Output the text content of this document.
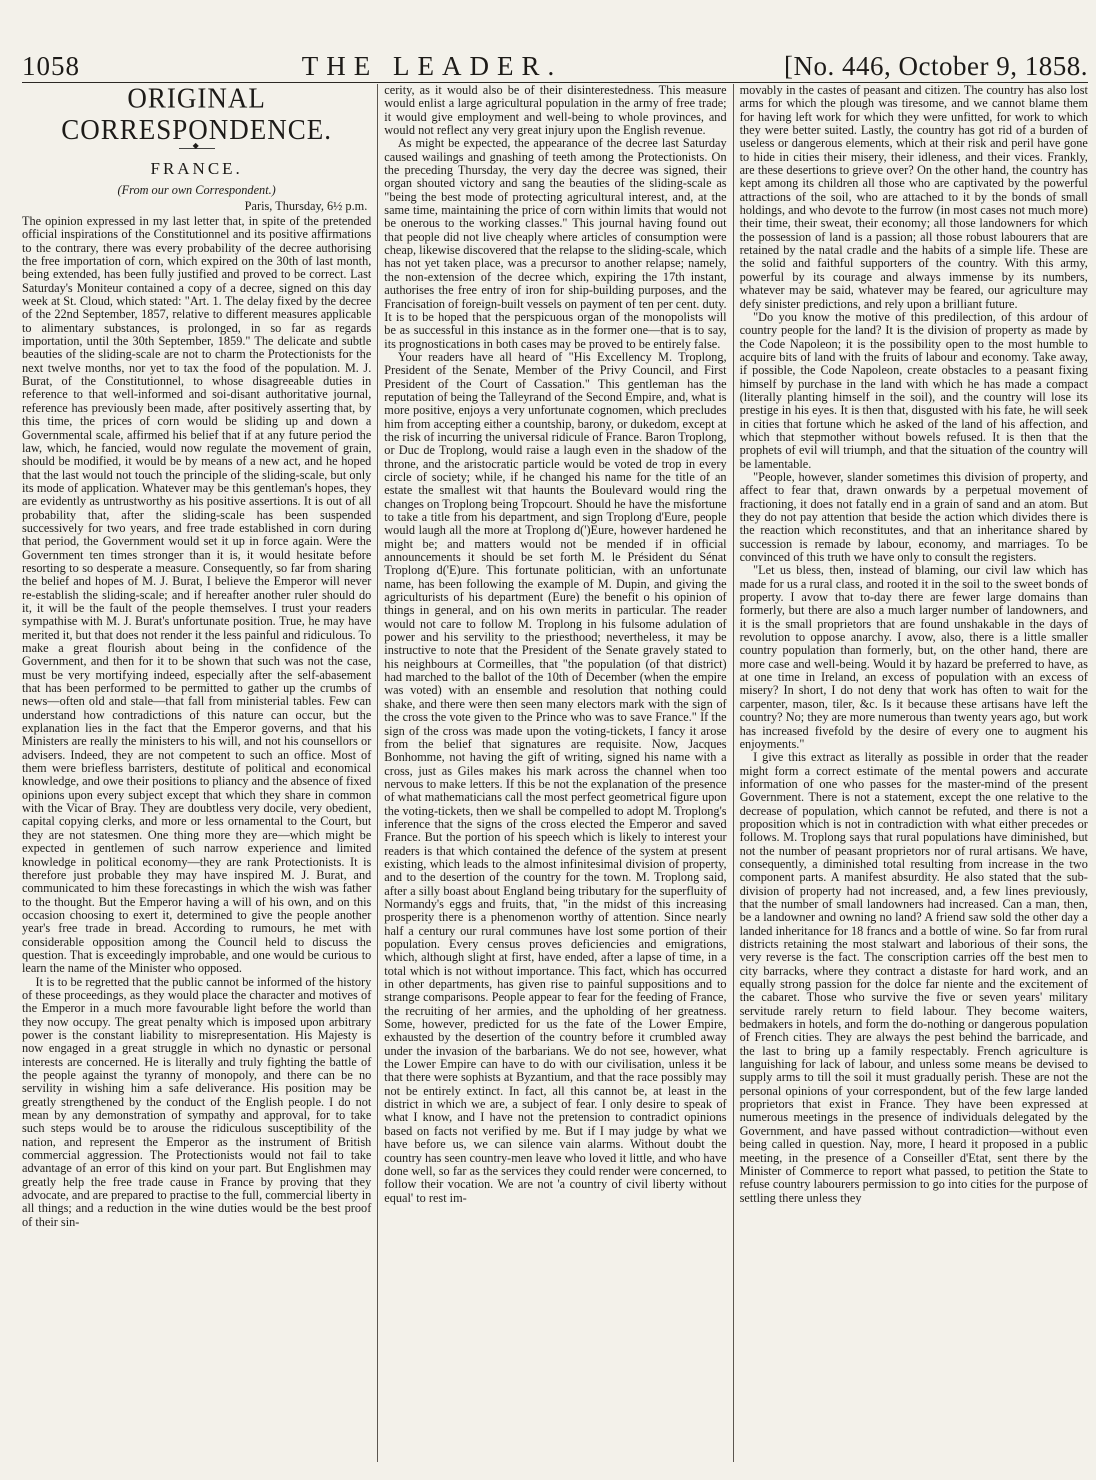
1058	THE LEADER.	[No. 446, October 9, 1858.
ORIGINAL CORRESPONDENCE.
◆
FRANCE.
(From our own Correspondent.)
Paris, Thursday, 6½ p.m.

The opinion expressed in my last letter that, in spite of the pretended official inspirations of the Constitutionnel and its positive affirmations to the contrary, there was every probability of the decree authorising the free importation of corn, which expired on the 30th of last month, being extended, has been fully justified and proved to be correct. Last Saturday's Moniteur contained a copy of a decree, signed on this day week at St. Cloud, which stated: "Art. 1. The delay fixed by the decree of the 22nd September, 1857, relative to different measures applicable to alimentary substances, is prolonged, in so far as regards importation, until the 30th September, 1859." The delicate and subtle beauties of the sliding-scale are not to charm the Protectionists for the next twelve months, nor yet to tax the food of the population. M. J. Burat, of the Constitutionnel, to whose disagreeable duties in reference to that well-informed and soi-disant authoritative journal, reference has previously been made, after positively asserting that, by this time, the prices of corn would be sliding up and down a Governmental scale, affirmed his belief that if at any future period the law, which, he fancied, would now regulate the movement of grain, should be modified, it would be by means of a new act, and he hoped that the last would not touch the principle of the sliding-scale, but only its mode of application. Whatever may be this gentleman's hopes, they are evidently as untrustworthy as his positive assertions. It is out of all probability that, after the sliding-scale has been suspended successively for two years, and free trade established in corn during that period, the Government would set it up in force again. Were the Government ten times stronger than it is, it would hesitate before resorting to so desperate a measure. Consequently, so far from sharing the belief and hopes of M. J. Burat, I believe the Emperor will never re-establish the sliding-scale; and if hereafter another ruler should do it, it will be the fault of the people themselves. I trust your readers sympathise with M. J. Burat's unfortunate position. True, he may have merited it, but that does not render it the less painful and ridiculous. To make a great flourish about being in the confidence of the Government, and then for it to be shown that such was not the case, must be very mortifying indeed, especially after the self-abasement that has been performed to be permitted to gather up the crumbs of news—often old and stale—that fall from ministerial tables. Few can understand how contradictions of this nature can occur, but the explanation lies in the fact that the Emperor governs, and that his Ministers are really the ministers to his will, and not his counsellors or advisers. Indeed, they are not competent to such an office. Most of them were briefless barristers, destitute of political and economical knowledge, and owe their positions to pliancy and the absence of fixed opinions upon every subject except that which they share in common with the Vicar of Bray. They are doubtless very docile, very obedient, capital copying clerks, and more or less ornamental to the Court, but they are not statesmen. One thing more they are—which might be expected in gentlemen of such narrow experience and limited knowledge in political economy—they are rank Protectionists. It is therefore just probable they may have inspired M. J. Burat, and communicated to him these forecastings in which the wish was father to the thought. But the Emperor having a will of his own, and on this occasion choosing to exert it, determined to give the people another year's free trade in bread. According to rumours, he met with considerable opposition among the Council held to discuss the question. That is exceedingly improbable, and one would be curious to learn the name of the Minister who opposed.

It is to be regretted that the public cannot be informed of the history of these proceedings, as they would place the character and motives of the Emperor in a much more favourable light before the world than they now occupy. The great penalty which is imposed upon arbitrary power is the constant liability to misrepresentation. His Majesty is now engaged in a great struggle in which no dynastic or personal interests are concerned. He is literally and truly fighting the battle of the people against the tyranny of monopoly, and there can be no servility in wishing him a safe deliverance. His position may be greatly strengthened by the conduct of the English people. I do not mean by any demonstration of sympathy and approval, for to take such steps would be to arouse the ridiculous susceptibility of the nation, and represent the Emperor as the instrument of British commercial aggression. The Protectionists would not fail to take advantage of an error of this kind on your part. But Englishmen may greatly help the free trade cause in France by proving that they advocate, and are prepared to practise to the full, commercial liberty in all things; and a reduction in the wine duties would be the best proof of their sin-

cerity, as it would also be of their disinterestedness. This measure would enlist a large agricultural population in the army of free trade; it would give employment and well-being to whole provinces, and would not reflect any very great injury upon the English revenue.

As might be expected, the appearance of the decree last Saturday caused wailings and gnashing of teeth among the Protectionists. On the preceding Thursday, the very day the decree was signed, their organ shouted victory and sang the beauties of the sliding-scale as "being the best mode of protecting agricultural interest, and, at the same time, maintaining the price of corn within limits that would not be onerous to the working classes." This journal having found out that people did not live cheaply where articles of consumption were cheap, likewise discovered that the relapse to the sliding-scale, which has not yet taken place, was a precursor to another relapse; namely, the non-extension of the decree which, expiring the 17th instant, authorises the free entry of iron for ship-building purposes, and the Francisation of foreign-built vessels on payment of ten per cent. duty. It is to be hoped that the perspicuous organ of the monopolists will be as successful in this instance as in the former one—that is to say, its prognostications in both cases may be proved to be entirely false.

Your readers have all heard of "His Excellency M. Troplong, President of the Senate, Member of the Privy Council, and First President of the Court of Cassation." This gentleman has the reputation of being the Talleyrand of the Second Empire, and, what is more positive, enjoys a very unfortunate cognomen, which precludes him from accepting either a countship, barony, or dukedom, except at the risk of incurring the universal ridicule of France. Baron Troplong, or Duc de Troplong, would raise a laugh even in the shadow of the throne, and the aristocratic particle would be voted de trop in every circle of society; while, if he changed his name for the title of an estate the smallest wit that haunts the Boulevard would ring the changes on Troplong being Tropcourt. Should he have the misfortune to take a title from his department, and sign Troplong d'Eure, people would laugh all the more at Troplong d(')Eure, however hardened he might be; and matters would not be mended if in official announcements it should be set forth M. le Président du Sénat Troplong d('E)ure. This fortunate politician, with an unfortunate name, has been following the example of M. Dupin, and giving the agriculturists of his department (Eure) the benefit o his opinion of things in general, and on his own merits in particular. The reader would not care to follow M. Troplong in his fulsome adulation of power and his servility to the priesthood; nevertheless, it may be instructive to note that the President of the Senate gravely stated to his neighbours at Cormeilles, that "the population (of that district) had marched to the ballot of the 10th of December (when the empire was voted) with an ensemble and resolution that nothing could shake, and there were then seen many electors mark with the sign of the cross the vote given to the Prince who was to save France." If the sign of the cross was made upon the voting-tickets, I fancy it arose from the belief that signatures are requisite. Now, Jacques Bonhomme, not having the gift of writing, signed his name with a cross, just as Giles makes his mark across the channel when too nervous to make letters. If this be not the explanation of the presence of what mathematicians call the most perfect geometrical figure upon the voting-tickets, then we shall be compelled to adopt M. Troplong's inference that the signs of the cross elected the Emperor and saved France. But the portion of his speech which is likely to interest your readers is that which contained the defence of the system at present existing, which leads to the almost infinitesimal division of property, and to the desertion of the country for the town. M. Troplong said, after a silly boast about England being tributary for the superfluity of Normandy's eggs and fruits, that, "in the midst of this increasing prosperity there is a phenomenon worthy of attention. Since nearly half a century our rural communes have lost some portion of their population. Every census proves deficiencies and emigrations, which, although slight at first, have ended, after a lapse of time, in a total which is not without importance. This fact, which has occurred in other departments, has given rise to painful suppositions and to strange comparisons. People appear to fear for the feeding of France, the recruiting of her armies, and the upholding of her greatness. Some, however, predicted for us the fate of the Lower Empire, exhausted by the desertion of the country before it crumbled away under the invasion of the barbarians. We do not see, however, what the Lower Empire can have to do with our civilisation, unless it be that there were sophists at Byzantium, and that the race possibly may not be entirely extinct. In fact, all this cannot be, at least in the district in which we are, a subject of fear. I only desire to speak of what I know, and I have not the pretension to contradict opinions based on facts not verified by me. But if I may judge by what we have before us, we can silence vain alarms. Without doubt the country has seen country-men leave who loved it little, and who have done well, so far as the services they could render were concerned, to follow their vocation. We are not 'a country of civil liberty without equal' to rest im-

movably in the castes of peasant and citizen. The country has also lost arms for which the plough was tiresome, and we cannot blame them for having left work for which they were unfitted, for work to which they were better suited. Lastly, the country has got rid of a burden of useless or dangerous elements, which at their risk and peril have gone to hide in cities their misery, their idleness, and their vices. Frankly, are these desertions to grieve over? On the other hand, the country has kept among its children all those who are captivated by the powerful attractions of the soil, who are attached to it by the bonds of small holdings, and who devote to the furrow (in most cases not much more) their time, their sweat, their economy; all those landowners for which the possession of land is a passion; all those robust labourers that are retained by the natal cradle and the habits of a simple life. These are the solid and faithful supporters of the country. With this army, powerful by its courage and always immense by its numbers, whatever may be said, whatever may be feared, our agriculture may defy sinister predictions, and rely upon a brilliant future.

"Do you know the motive of this predilection, of this ardour of country people for the land? It is the division of property as made by the Code Napoleon; it is the possibility open to the most humble to acquire bits of land with the fruits of labour and economy. Take away, if possible, the Code Napoleon, create obstacles to a peasant fixing himself by purchase in the land with which he has made a compact (literally planting himself in the soil), and the country will lose its prestige in his eyes. It is then that, disgusted with his fate, he will seek in cities that fortune which he asked of the land of his affection, and which that stepmother without bowels refused. It is then that the prophets of evil will triumph, and that the situation of the country will be lamentable.

"People, however, slander sometimes this division of property, and affect to fear that, drawn onwards by a perpetual movement of fractioning, it does not fatally end in a grain of sand and an atom. But they do not pay attention that beside the action which divides there is the reaction which reconstitutes, and that an inheritance shared by succession is remade by labour, economy, and marriages. To be convinced of this truth we have only to consult the registers.

"Let us bless, then, instead of blaming, our civil law which has made for us a rural class, and rooted it in the soil to the sweet bonds of property. I avow that to-day there are fewer large domains than formerly, but there are also a much larger number of landowners, and it is the small proprietors that are found unshakable in the days of revolution to oppose anarchy. I avow, also, there is a little smaller country population than formerly, but, on the other hand, there are more case and well-being. Would it by hazard be preferred to have, as at one time in Ireland, an excess of population with an excess of misery? In short, I do not deny that work has often to wait for the carpenter, mason, tiler, &c. Is it because these artisans have left the country? No; they are more numerous than twenty years ago, but work has increased fivefold by the desire of every one to augment his enjoyments."

I give this extract as literally as possible in order that the reader might form a correct estimate of the mental powers and accurate information of one who passes for the master-mind of the present Government. There is not a statement, except the one relative to the decrease of population, which cannot be refuted, and there is not a proposition which is not in contradiction with what either precedes or follows. M. Troplong says that rural populations have diminished, but not the number of peasant proprietors nor of rural artisans. We have, consequently, a diminished total resulting from increase in the two component parts. A manifest absurdity. He also stated that the sub-division of property had not increased, and, a few lines previously, that the number of small landowners had increased. Can a man, then, be a landowner and owning no land? A friend saw sold the other day a landed inheritance for 18 francs and a bottle of wine. So far from rural districts retaining the most stalwart and laborious of their sons, the very reverse is the fact. The conscription carries off the best men to city barracks, where they contract a distaste for hard work, and an equally strong passion for the dolce far niente and the excitement of the cabaret. Those who survive the five or seven years' military servitude rarely return to field labour. They become waiters, bedmakers in hotels, and form the do-nothing or dangerous population of French cities. They are always the pest behind the barricade, and the last to bring up a family respectably. French agriculture is languishing for lack of labour, and unless some means be devised to supply arms to till the soil it must gradually perish. These are not the personal opinions of your correspondent, but of the few large landed proprietors that exist in France. They have been expressed at numerous meetings in the presence of individuals delegated by the Government, and have passed without contradiction—without even being called in question. Nay, more, I heard it proposed in a public meeting, in the presence of a Conseiller d'Etat, sent there by the Minister of Commerce to report what passed, to petition the State to refuse country labourers permission to go into cities for the purpose of settling there unless they
